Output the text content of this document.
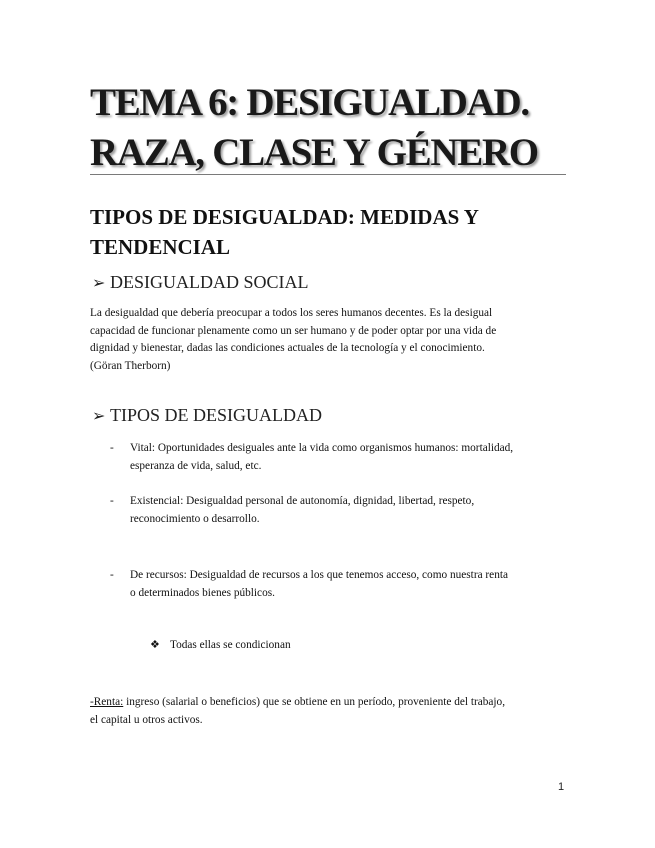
TEMA 6: DESIGUALDAD.
RAZA, CLASE Y GÉNERO
TIPOS DE DESIGUALDAD: MEDIDAS Y
TENDENCIAL
➢ DESIGUALDAD SOCIAL
La desigualdad que debería preocupar a todos los seres humanos decentes. Es la desigual
capacidad de funcionar plenamente como un ser humano y de poder optar por una vida de
dignidad y bienestar, dadas las condiciones actuales de la tecnología y el conocimiento.
(Göran Therborn)
➢ TIPOS DE DESIGUALDAD
- Vital: Oportunidades desiguales ante la vida como organismos humanos: mortalidad,
esperanza de vida, salud, etc.
- Existencial: Desigualdad personal de autonomía, dignidad, libertad, respeto,
reconocimiento o desarrollo.
- De recursos: Desigualdad de recursos a los que tenemos acceso, como nuestra renta
o determinados bienes públicos.
❖ Todas ellas se condicionan
-Renta: ingreso (salarial o beneficios) que se obtiene en un período, proveniente del trabajo,
el capital u otros activos.
1
